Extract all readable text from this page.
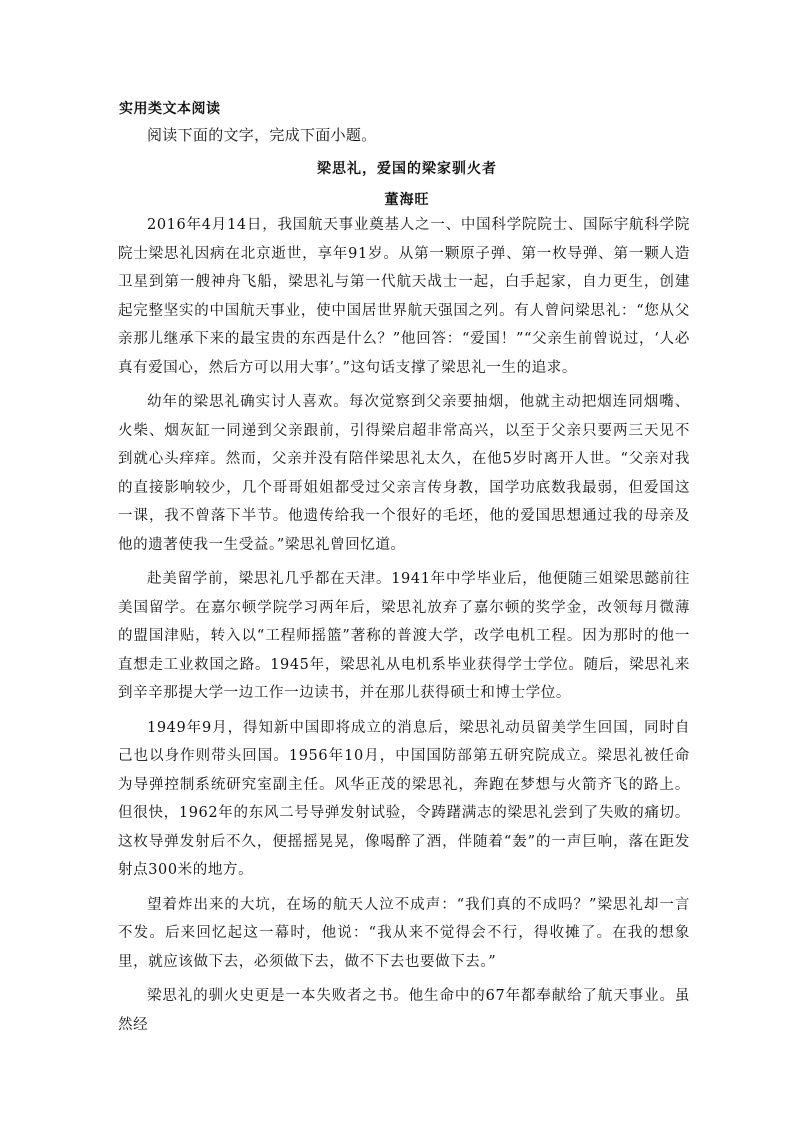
实用类文本阅读
阅读下面的文字，完成下面小题。
梁思礼，爱国的梁家驯火者
董海旺

2016年4月14日，我国航天事业奠基人之一、中国科学院院士、国际宇航科学院院士梁思礼因病在北京逝世，享年91岁。从第一颗原子弹、第一枚导弹、第一颗人造卫星到第一艘神舟飞船，梁思礼与第一代航天战士一起，白手起家，自力更生，创建起完整坚实的中国航天事业，使中国居世界航天强国之列。有人曾问梁思礼：“您从父亲那儿继承下来的最宝贵的东西是什么？”他回答：“爱国！”“父亲生前曾说过，‘人必真有爱国心，然后方可以用大事’。”这句话支撑了梁思礼一生的追求。

幼年的梁思礼确实讨人喜欢。每次觉察到父亲要抽烟，他就主动把烟连同烟嘴、火柴、烟灰缸一同递到父亲跟前，引得梁启超非常高兴，以至于父亲只要两三天见不到就心头痒痒。然而，父亲并没有陪伴梁思礼太久，在他5岁时离开人世。“父亲对我的直接影响较少，几个哥哥姐姐都受过父亲言传身教，国学功底数我最弱，但爱国这一课，我不曾落下半节。他遗传给我一个很好的毛坯，他的爱国思想通过我的母亲及他的遗著使我一生受益。”梁思礼曾回忆道。

赴美留学前，梁思礼几乎都在天津。1941年中学毕业后，他便随三姐梁思懿前往美国留学。在嘉尔顿学院学习两年后，梁思礼放弃了嘉尔顿的奖学金，改领每月微薄的盟国津贴，转入以“工程师摇篮”著称的普渡大学，改学电机工程。因为那时的他一直想走工业救国之路。1945年，梁思礼从电机系毕业获得学士学位。随后，梁思礼来到辛辛那提大学一边工作一边读书，并在那儿获得硕士和博士学位。

1949年9月，得知新中国即将成立的消息后，梁思礼动员留美学生回国，同时自己也以身作则带头回国。1956年10月，中国国防部第五研究院成立。梁思礼被任命为导弹控制系统研究室副主任。风华正茂的梁思礼，奔跑在梦想与火箭齐飞的路上。但很快，1962年的东风二号导弹发射试验，令踌躇满志的梁思礼尝到了失败的痛切。这枚导弹发射后不久，便摇摇晃晃，像喝醉了酒，伴随着“轰”的一声巨响，落在距发射点300米的地方。

望着炸出来的大坑，在场的航天人泣不成声：“我们真的不成吗？”梁思礼却一言不发。后来回忆起这一幕时，他说：“我从来不觉得会不行，得收摊了。在我的想象里，就应该做下去，必须做下去，做不下去也要做下去。”

梁思礼的驯火史更是一本失败者之书。他生命中的67年都奉献给了航天事业。虽然经
